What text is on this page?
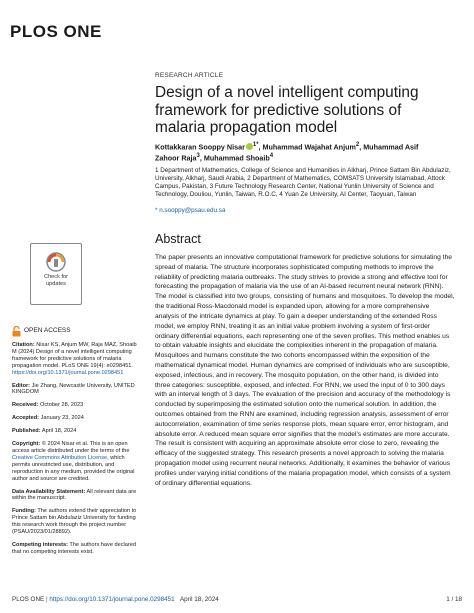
PLOS ONE
RESEARCH ARTICLE
Design of a novel intelligent computing framework for predictive solutions of malaria propagation model
Kottakkaran Sooppy Nisar $^{1*}$, Muhammad Wajahat Anjum$^2$, Muhammad Asif
Zahoor Raja$^3$, Muhammad Shoaib$^4$
1 Department of Mathematics, College of Science and Humanities in Alkharj, Prince Sattam Bin Abdulaziz, University, Alkharj, Saudi Arabia, 2 Department of Mathematics, COMSATS University Islamabad, Attock Campus, Pakistan, 3 Future Technology Research Center, National Yunlin University of Science and Technology, Douliou, Yunlin, Taiwan, R.O.C, 4 Yuan Ze University, AI Center, Taoyuan, Taiwan
* n.sooppy@psau.edu.sa
Abstract
The paper presents an innovative computational framework for predictive solutions for simulating the spread of malaria. The structure incorporates sophisticated computing methods to improve the reliability of predicting malaria outbreaks. The study strives to provide a strong and effective tool for forecasting the propagation of malaria via the use of an AI-based recurrent neural network (RNN). The model is classified into two groups, consisting of humans and mosquitoes. To develop the model, the traditional Ross-Macdonald model is expanded upon, allowing for a more comprehensive analysis of the intricate dynamics at play. To gain a deeper understanding of the extended Ross model, we employ RNN, treating it as an initial value problem involving a system of first-order ordinary differential equations, each representing one of the seven profiles. This method enables us to obtain valuable insights and elucidate the complexities inherent in the propagation of malaria. Mosquitoes and humans constitute the two cohorts encompassed within the exposition of the mathematical dynamical model. Human dynamics are comprised of individuals who are susceptible, exposed, infectious, and in recovery. The mosquito population, on the other hand, is divided into three categories: susceptible, exposed, and infected. For RNN, we used the input of 0 to 300 days with an interval length of 3 days. The evaluation of the precision and accuracy of the methodology is conducted by superimposing the estimated solution onto the numerical solution. In addition, the outcomes obtained from the RNN are examined, including regression analysis, assessment of error autocorrelation, examination of time series response plots, mean square error, error histogram, and absolute error. A reduced mean square error signifies that the model's estimates are more accurate. The result is consistent with acquiring an approximate absolute error close to zero, revealing the efficacy of the suggested strategy. This research presents a novel approach to solving the malaria propagation model using recurrent neural networks. Additionally, it examines the behavior of various profiles under varying initial conditions of the malaria propagation model, which consists of a system of ordinary differential equations.
Check for
updates
OPEN ACCESS
Citation: Nisar KS, Anjum MW, Raja MAZ, Shoaib M (2024) Design of a novel intelligent computing framework for predictive solutions of malaria propagation model. PLoS ONE 19(4): e0298451. https://doi.org/10.1371/journal.pone.0298451
Editor: Jie Zhang, Newcastle University, UNITED KINGDOM
Received: October 28, 2023
Accepted: January 23, 2024
Published: April 18, 2024
Copyright: © 2024 Nisar et al. This is an open access article distributed under the terms of the Creative Commons Attribution License, which permits unrestricted use, distribution, and reproduction in any medium, provided the original author and source are credited.
Data Availability Statement: All relevant data are within the manuscript.
Funding: The authors extend their appreciation to Prince Sattam bin Abdulaziz University for funding this research work through the project number (PSAU/2023/01/28892).
Competing interests: The authors have declared that no competing interests exist.
PLOS ONE | https://doi.org/10.1371/journal.pone.0298451 April 18, 2024	1 / 18
